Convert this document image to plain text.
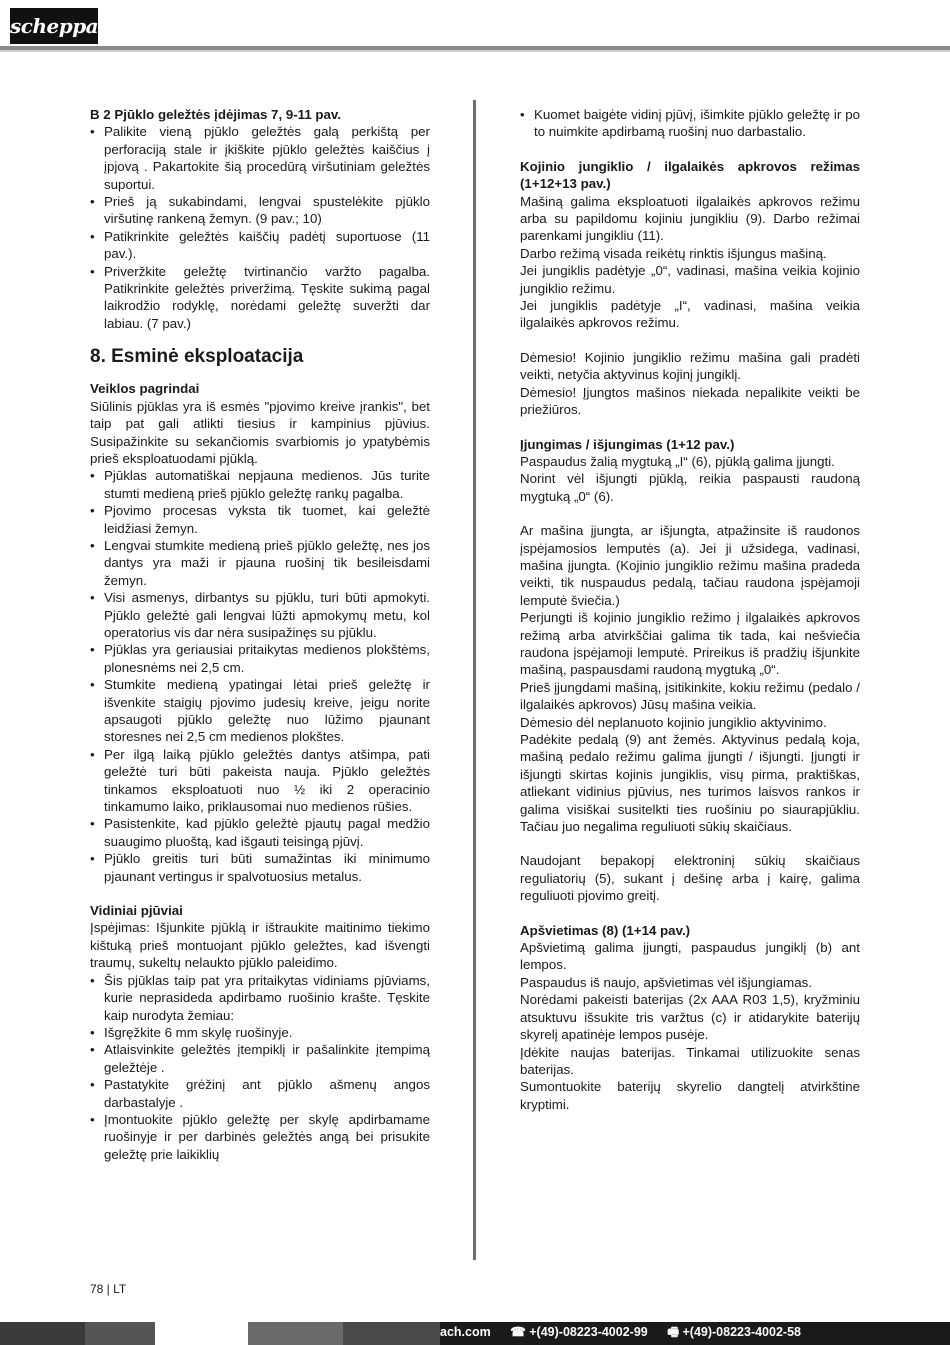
scheppach

B 2 Pjūklo geležtės įdėjimas 7, 9-11 pav.

• Palikite vieną pjūklo geležtės galą perkištą per perforaciją stale ir įkiškite pjūklo geležtės kaiščius į įpjovą . Pakartokite šią procedūrą viršutiniam geležtės suportui.
• Prieš ją sukabindami, lengvai spustelėkite pjūklo viršutinę rankeną žemyn. (9 pav.; 10)
• Patikrinkite geležtės kaiščių padėtį suportuose (11 pav.).
• Priveržkite geležtę tvirtinančio varžto pagalba. Patikrinkite geležtės priveržimą. Tęskite sukimą pagal laikrodžio rodyklę, norėdami geležtę suveržti dar labiau. (7 pav.)
8. Esminė eksploatacija

Veiklos pagrindai

Siūlinis pjūklas yra iš esmės "pjovimo kreive įrankis", bet taip pat gali atlikti tiesius ir kampinius pjūvius. Susipažinkite su sekančiomis svarbiomis jo ypatybėmis prieš eksploatuodami pjūklą.

• Pjūklas automatiškai nepjauna medienos. Jūs turite stumti medieną prieš pjūklo geležtę rankų pagalba.
• Pjovimo procesas vyksta tik tuomet, kai geležtė leidžiasi žemyn.
• Lengvai stumkite medieną prieš pjūklo geležtę, nes jos dantys yra maži ir pjauna ruošinį tik besileisdami žemyn.
• Visi asmenys, dirbantys su pjūklu, turi būti apmokyti. Pjūklo geležtė gali lengvai lūžti apmokymų metu, kol operatorius vis dar nėra susipažinęs su pjūklu.
• Pjūklas yra geriausiai pritaikytas medienos plokštėms, plonesnėms nei 2,5 cm.
• Stumkite medieną ypatingai lėtai prieš geležtę ir išvenkite staigių pjovimo judesių kreive, jeigu norite apsaugoti pjūklo geležtę nuo lūžimo pjaunant storesnes nei 2,5 cm medienos plokštes.
• Per ilgą laiką pjūklo geležtės dantys atšimpa, pati geležtė turi būti pakeista nauja. Pjūklo geležtės tinkamos eksploatuoti nuo ½ iki 2 operacinio tinkamumo laiko, priklausomai nuo medienos rūšies.
• Pasistenkite, kad pjūklo geležtė pjautų pagal medžio suaugimo pluoštą, kad išgauti teisingą pjūvį.
• Pjūklo greitis turi būti sumažintas iki minimumo pjaunant vertingus ir spalvotuosius metalus.

Vidiniai pjūviai

Įspėjimas: Išjunkite pjūklą ir ištraukite maitinimo tiekimo kištuką prieš montuojant pjūklo geležtes, kad išvengti traumų, sukeltų nelaukto pjūklo paleidimo.

• Šis pjūklas taip pat yra pritaikytas vidiniams pjūviams, kurie neprasideda apdirbamo ruošinio krašte. Tęskite kaip nurodyta žemiau:
• Išgręžkite 6 mm skylę ruošinyje.
• Atlaisvinkite geležtės įtempiklį ir pašalinkite įtempimą geležtėje .
• Pastatykite grėžinį ant pjūklo ašmenų angos darbastalyje .
• Įmontuokite pjūklo geležtę per skylę apdirbamame ruošinyje ir per darbinės geležtės angą bei prisukite geležtę prie laikiklių
• Kuomet baigėte vidinį pjūvį, išimkite pjūklo geležtę ir po to nuimkite apdirbamą ruošinį nuo darbastalio.

Kojinio jungiklio / ilgalaikės apkrovos režimas (1+12+13 pav.)

Mašiną galima eksploatuoti ilgalaikės apkrovos režimu arba su papildomu kojiniu jungikliu (9). Darbo režimai parenkami jungikliu (11).

Darbo režimą visada reikėtų rinktis išjungus mašiną.

Jei jungiklis padėtyje „0“, vadinasi, mašina veikia kojinio jungiklio režimu.

Jei jungiklis padėtyje „I“, vadinasi, mašina veikia ilgalaikės apkrovos režimu.

Dėmesio! Kojinio jungiklio režimu mašina gali pradėti veikti, netyčia aktyvinus kojinį jungiklį.

Dėmesio! Įjungtos mašinos niekada nepalikite veikti be priežiūros.

Įjungimas / išjungimas (1+12 pav.)

Paspaudus žalią mygtuką „I“ (6), pjūklą galima įjungti.

Norint vėl išjungti pjūklą, reikia paspausti raudoną mygtuką „0“ (6).

Ar mašina įjungta, ar išjungta, atpažinsite iš raudonos įspėjamosios lemputės (a). Jei ji užsidega, vadinasi, mašina įjungta. (Kojinio jungiklio režimu mašina pradeda veikti, tik nuspaudus pedalą, tačiau raudona įspėjamoji lemputė šviečia.)

Perjungti iš kojinio jungiklio režimo į ilgalaikės apkrovos režimą arba atvirkščiai galima tik tada, kai nešviečia raudona įspėjamoji lemputė. Prireikus iš pradžių išjunkite mašiną, paspausdami raudoną mygtuką „0“.

Prieš įjungdami mašiną, įsitikinkite, kokiu režimu (pedalo / ilgalaikės apkrovos) Jūsų mašina veikia.

Dėmesio dėl neplanuoto kojinio jungiklio aktyvinimo.

Padėkite pedalą (9) ant žemės. Aktyvinus pedalą koja, mašiną pedalo režimu galima įjungti / išjungti. Įjungti ir išjungti skirtas kojinis jungiklis, visų pirma, praktiškas, atliekant vidinius pjūvius, nes turimos laisvos rankos ir galima visiškai susitelkti ties ruošiniu po siaurapjūkliu. Tačiau juo negalima reguliuoti sūkių skaičiaus.

Naudojant bepakopį elektroninį sūkių skaičiaus reguliatorių (5), sukant į dešinę arba į kairę, galima reguliuoti pjovimo greitį.

Apšvietimas (8) (1+14 pav.)

Apšvietimą galima įjungti, paspaudus jungiklį (b) ant lempos.

Paspaudus iš naujo, apšvietimas vėl išjungiamas.

Norėdami pakeisti baterijas (2x AAA R03 1,5), kryžminiu atsuktuvu išsukite tris varžtus (c) ir atidarykite baterijų skyrelį apatinėje lempos pusėje.

Įdėkite naujas baterijas. Tinkamai utilizuokite senas baterijas.

Sumontuokite baterijų skyrelio dangtelį atvirkštine kryptimi.

78 | LT
ach.com ☎ +(49)-08223-4002-99 🖷 +(49)-08223-4002-58
